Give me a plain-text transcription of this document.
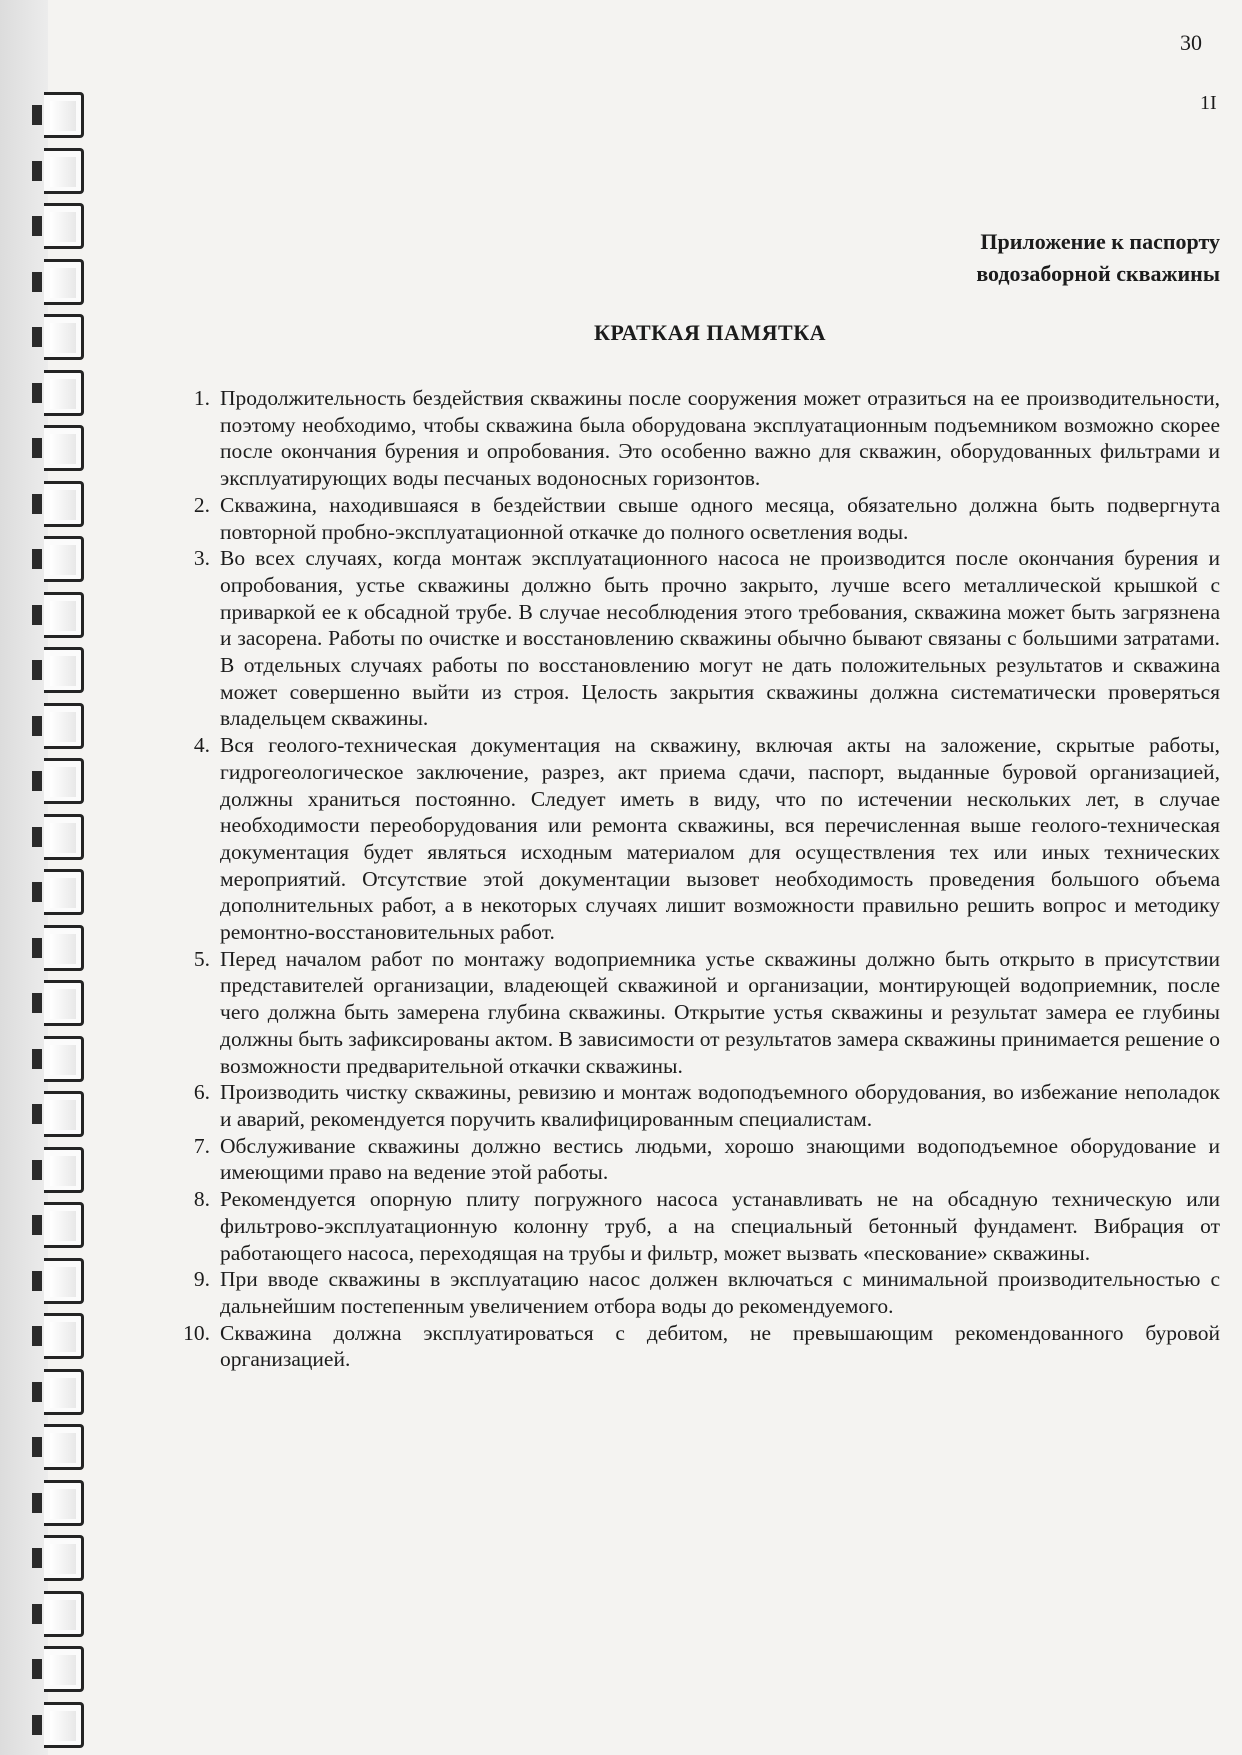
30
1I
Приложение к паспорту
водозаборной скважины
КРАТКАЯ ПАМЯТКА
1. Продолжительность бездействия скважины после сооружения может отразиться на ее производительности, поэтому необходимо, чтобы скважина была оборудована эксплуатационным подъемником возможно скорее после окончания бурения и опробования. Это особенно важно для скважин, оборудованных фильтрами и эксплуатирующих воды песчаных водоносных горизонтов.
2. Скважина, находившаяся в бездействии свыше одного месяца, обязательно должна быть подвергнута повторной пробно-эксплуатационной откачке до полного осветления воды.
3. Во всех случаях, когда монтаж эксплуатационного насоса не производится после окончания бурения и опробования, устье скважины должно быть прочно закрыто, лучше всего металлической крышкой с приваркой ее к обсадной трубе. В случае несоблюдения этого требования, скважина может быть загрязнена и засорена. Работы по очистке и восстановлению скважины обычно бывают связаны с большими затратами. В отдельных случаях работы по восстановлению могут не дать положительных результатов и скважина может совершенно выйти из строя. Целость закрытия скважины должна систематически проверяться владельцем скважины.
4. Вся геолого-техническая документация на скважину, включая акты на заложение, скрытые работы, гидрогеологическое заключение, разрез, акт приема сдачи, паспорт, выданные буровой организацией, должны храниться постоянно. Следует иметь в виду, что по истечении нескольких лет, в случае необходимости переоборудования или ремонта скважины, вся перечисленная выше геолого-техническая документация будет являться исходным материалом для осуществления тех или иных технических мероприятий. Отсутствие этой документации вызовет необходимость проведения большого объема дополнительных работ, а в некоторых случаях лишит возможности правильно решить вопрос и методику ремонтно-восстановительных работ.
5. Перед началом работ по монтажу водоприемника устье скважины должно быть открыто в присутствии представителей организации, владеющей скважиной и организации, монтирующей водоприемник, после чего должна быть замерена глубина скважины. Открытие устья скважины и результат замера ее глубины должны быть зафиксированы актом. В зависимости от результатов замера скважины принимается решение о возможности предварительной откачки скважины.
6. Производить чистку скважины, ревизию и монтаж водоподъемного оборудования, во избежание неполадок и аварий, рекомендуется поручить квалифицированным специалистам.
7. Обслуживание скважины должно вестись людьми, хорошо знающими водоподъемное оборудование и имеющими право на ведение этой работы.
8. Рекомендуется опорную плиту погружного насоса устанавливать не на обсадную техническую или фильтрово-эксплуатационную колонну труб, а на специальный бетонный фундамент. Вибрация от работающего насоса, переходящая на трубы и фильтр, может вызвать «пескование» скважины.
9. При вводе скважины в эксплуатацию насос должен включаться с минимальной производительностью с дальнейшим постепенным увеличением отбора воды до рекомендуемого.
10. Скважина должна эксплуатироваться с дебитом, не превышающим рекомендованного буровой организацией.
